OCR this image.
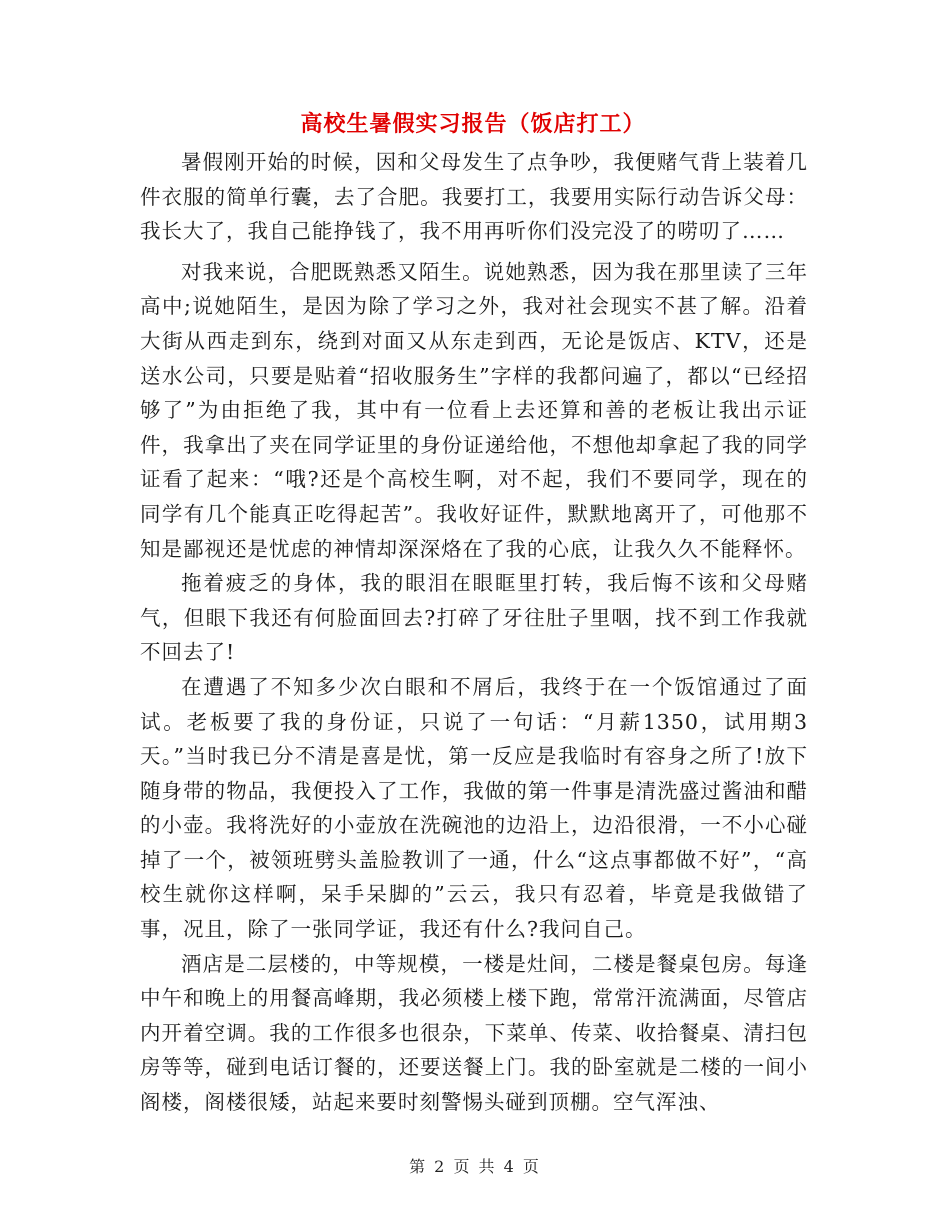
高校生暑假实习报告（饭店打工）

暑假刚开始的时候，因和父母发生了点争吵，我便赌气背上装着几件衣服的简单行囊，去了合肥。我要打工，我要用实际行动告诉父母：我长大了，我自己能挣钱了，我不用再听你们没完没了的唠叨了……

对我来说，合肥既熟悉又陌生。说她熟悉，因为我在那里读了三年高中;说她陌生，是因为除了学习之外，我对社会现实不甚了解。沿着大街从西走到东，绕到对面又从东走到西，无论是饭店、KTV，还是送水公司，只要是贴着“招收服务生”字样的我都问遍了，都以“已经招够了”为由拒绝了我，其中有一位看上去还算和善的老板让我出示证件，我拿出了夹在同学证里的身份证递给他，不想他却拿起了我的同学证看了起来：“哦?还是个高校生啊，对不起，我们不要同学，现在的同学有几个能真正吃得起苦”。我收好证件，默默地离开了，可他那不知是鄙视还是忧虑的神情却深深烙在了我的心底，让我久久不能释怀。

拖着疲乏的身体，我的眼泪在眼眶里打转，我后悔不该和父母赌气，但眼下我还有何脸面回去?打碎了牙往肚子里咽，找不到工作我就不回去了!

在遭遇了不知多少次白眼和不屑后，我终于在一个饭馆通过了面试。老板要了我的身份证，只说了一句话：“月薪1350，试用期3天。”当时我已分不清是喜是忧，第一反应是我临时有容身之所了!放下随身带的物品，我便投入了工作，我做的第一件事是清洗盛过酱油和醋的小壶。我将洗好的小壶放在洗碗池的边沿上，边沿很滑，一不小心碰掉了一个，被领班劈头盖脸教训了一通，什么“这点事都做不好”，“高校生就你这样啊，呆手呆脚的”云云，我只有忍着，毕竟是我做错了事，况且，除了一张同学证，我还有什么?我问自己。

酒店是二层楼的，中等规模，一楼是灶间，二楼是餐桌包房。每逢中午和晚上的用餐高峰期，我必须楼上楼下跑，常常汗流满面，尽管店内开着空调。我的工作很多也很杂，下菜单、传菜、收拾餐桌、清扫包房等等，碰到电话订餐的，还要送餐上门。我的卧室就是二楼的一间小阁楼，阁楼很矮，站起来要时刻警惕头碰到顶棚。空气浑浊、

第 2 页 共 4 页
